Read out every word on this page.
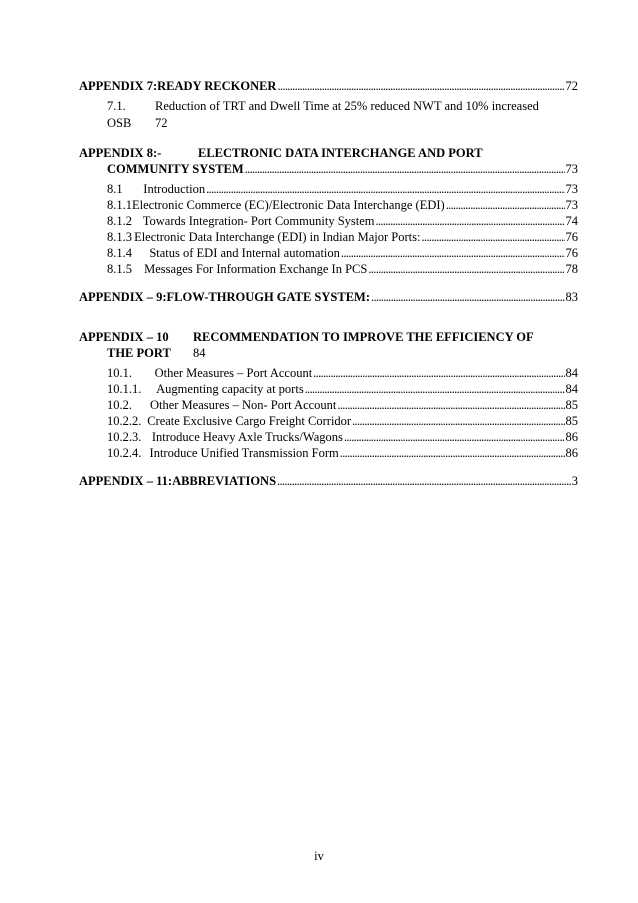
APPENDIX 7: READY RECKONER . . .	72
7.1. Reduction of TRT and Dwell Time at 25% reduced NWT and 10% increased
OSB 72
APPENDIX 8:-	ELECTRONIC DATA INTERCHANGE AND PORT
COMMUNITY SYSTEM . . .	73
8.1	Introduction . . .	73
8.1.1 Electronic Commerce (EC)/Electronic Data Interchange (EDI) . . .	73
8.1.2 Towards Integration- Port Community System . . .	74
8.1.3 Electronic Data Interchange (EDI) in Indian Major Ports: . . .	76
8.1.4	Status of EDI and Internal automation . . .	76
8.1.5 Messages For Information Exchange In PCS . . .	78
APPENDIX – 9: FLOW-THROUGH GATE SYSTEM: . . .	83
APPENDIX – 10 RECOMMENDATION TO IMPROVE THE EFFICIENCY OF
THE PORT 84
10.1.	Other Measures – Port Account . . .	84
10.1.1.	Augmenting capacity at ports . . .	84
10.2.	Other Measures – Non- Port Account . . .	85
10.2.2. Create Exclusive Cargo Freight Corridor . . .	85
10.2.3. Introduce Heavy Axle Trucks/Wagons . . .	86
10.2.4. Introduce Unified Transmission Form . . .	86
APPENDIX – 11: ABBREVIATIONS . . .	3
iv
